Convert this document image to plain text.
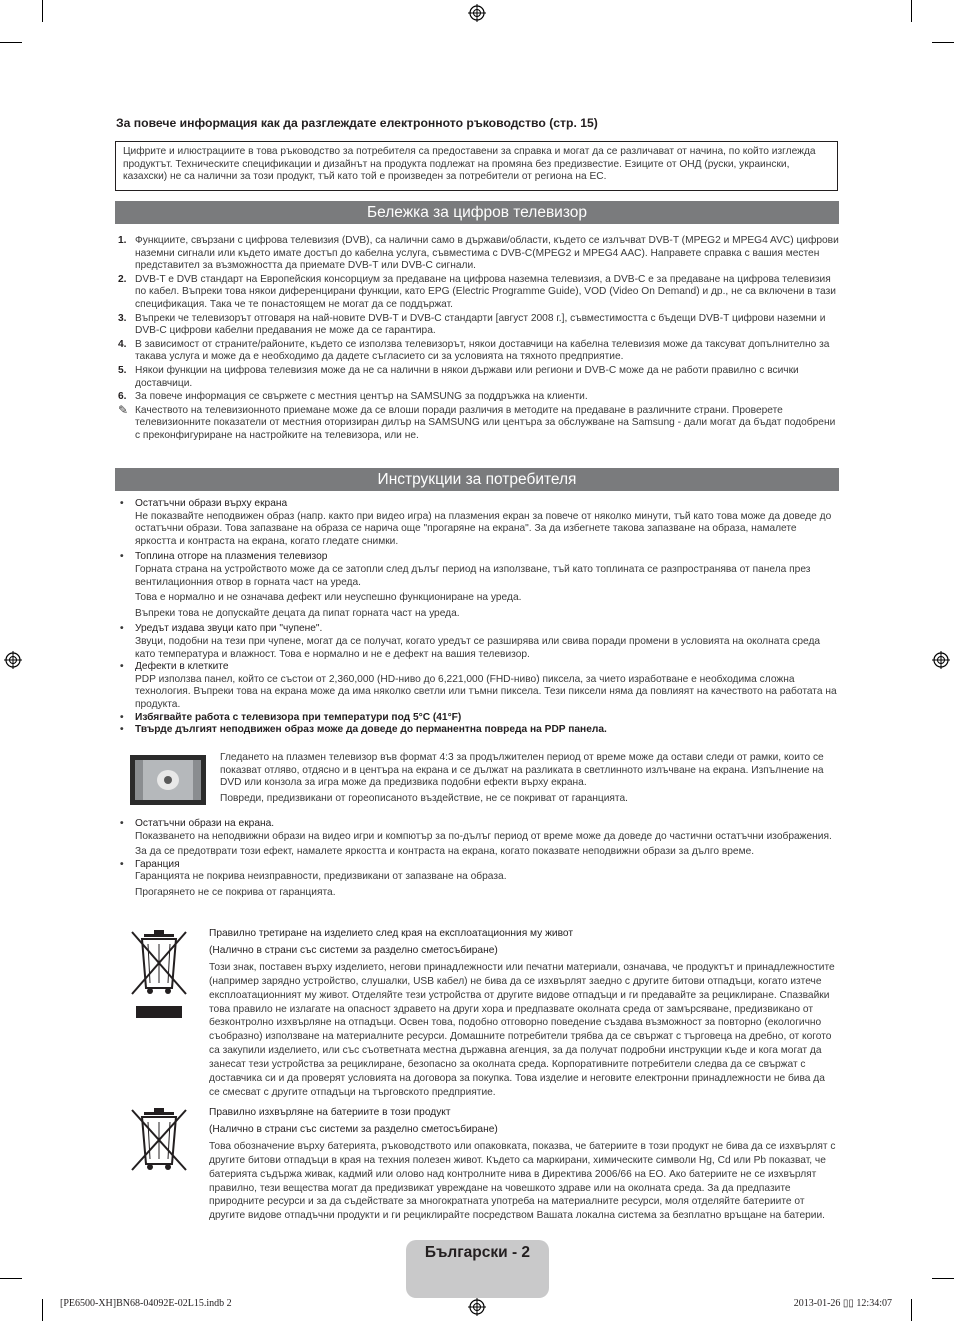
За повече информация как да разглеждате електронното ръководство (стр. 15)
Цифрите и илюстрациите в това ръководство за потребителя са предоставени за справка и могат да се различават от начина, по който изглежда продуктът. Техническите спецификации и дизайнът на продукта подлежат на промяна без предизвестие. Езиците от ОНД (руски, украински, казахски) не са налични за този продукт, тъй като той е произведен за потребители от региона на ЕС.
Бележка за цифров телевизор
1. Функциите, свързани с цифрова телевизия (DVB), са налични само в държави/области, където се излъчват DVB-T (MPEG2 и MPEG4 AVC) цифрови наземни сигнали или където имате достъп до кабелна услуга, съвместима с DVB-C(MPEG2 и MPEG4 AAC). Направете справка с вашия местен представител за възможността да приемате DVB-T или DVB-C сигнали.
2. DVB-T е DVB стандарт на Европейския консорциум за предаване на цифрова наземна телевизия, а DVB-C е за предаване на цифрова телевизия по кабел. Въпреки това някои диференцирани функции, като EPG (Electric Programme Guide), VOD (Video On Demand) и др., не са включени в тази спецификация. Така че те понастоящем не могат да се поддържат.
3. Въпреки че телевизорът отговаря на най-новите DVB-T и DVB-C стандарти [август 2008 г.], съвместимостта с бъдещи DVB-T цифрови наземни и DVB-C цифрови кабелни предавания не може да се гарантира.
4. В зависимост от страните/районите, където се използва телевизорът, някои доставчици на кабелна телевизия може да таксуват допълнително за такава услуга и може да е необходимо да дадете съгласието си за условията на тяхното предприятие.
5. Някои функции на цифрова телевизия може да не са налични в някои държави или региони и DVB-C може да не работи правилно с всички доставчици.
6. За повече информация се свържете с местния център на SAMSUNG за поддръжка на клиенти.
✎ Качеството на телевизионното приемане може да се влоши поради различия в методите на предаване в различните страни. Проверете телевизионните показатели от местния оторизиран дилър на SAMSUNG или центъра за обслужване на Samsung - дали могат да бъдат подобрени с преконфигуриране на настройките на телевизора, или не.
Инструкции за потребителя
• Остатъчни образи върху екрана

Не показвайте неподвижен образ (напр. както при видео игра) на плазмения екран за повече от няколко минути, тъй като това може да доведе до остатъчни образи. Това запазване на образа се нарича още "прогаряне на екрана". За да избегнете такова запазване на образа, намалете яркостта и контраста на екрана, когато гледате снимки.

• Топлина отгоре на плазмения телевизор

Горната страна на устройството може да се затопли след дълъг период на използване, тъй като топлината се разпространява от панела през вентилационния отвор в горната част на уреда.

Това е нормално и не означава дефект или неуспешно функциониране на уреда.

Въпреки това не допускайте децата да пипат горната част на уреда.

• Уредът издава звуци като при "чупене".

Звуци, подобни на тези при чупене, могат да се получат, когато уредът се разширява или свива поради промени в условията на околната среда като температура и влажност. Това е нормално и не е дефект на вашия телевизор.

• Дефекти в клетките

PDP използва панел, който се състои от 2,360,000 (HD-ниво до 6,221,000 (FHD-ниво) пиксела, за чието изработване е необходима сложна технология. Въпреки това на екрана може да има няколко светли или тъмни пиксела. Тези пиксели няма да повлияят на качеството на работата на продукта.

• Избягвайте работа с телевизора при температури под 5°C (41°F)

• Твърде дългият неподвижен образ може да доведе до перманентна повреда на PDP панела.

Гледането на плазмен телевизор във формат 4:3 за продължителен период от време може да остави следи от рамки, които се показват отляво, отдясно и в центъра на екрана и се дължат на разликата в светлинното излъчване на екрана. Изпълнение на DVD или конзола за игра може да предизвика подобни ефекти върху екрана.

Повреди, предизвикани от гореописаното въздействие, не се покриват от гаранцията.

• Остатъчни образи на екрана.

Показването на неподвижни образи на видео игри и компютър за по-дълъг период от време може да доведе до частични остатъчни изображения.

За да се предотврати този ефект, намалете яркостта и контраста на екрана, когато показвате неподвижни образи за дълго време.

• Гаранция

Гаранцията не покрива неизправности, предизвикани от запазване на образа.

Прогарянето не се покрива от гаранцията.

Правилно третиране на изделието след края на експлоатационния му живот

(Налично в страни със системи за разделно сметосъбиране)

Този знак, поставен върху изделието, негови принадлежности или печатни материали, означава, че продуктът и принадлежностите (например зарядно устройство, слушалки, USB кабел) не бива да се изхвърлят заедно с другите битови отпадъци, когато изтече експлоатационният му живот. Отделяйте тези устройства от другите видове отпадъци и ги предавайте за рециклиране. Спазвайки това правило не излагате на опасност здравето на други хора и предпазвате околната среда от замърсяване, предизвикано от безконтролно изхвърляне на отпадъци. Освен това, подобно отговорно поведение създава възможност за повторно (екологично съобразно) използване на материалните ресурси. Домашните потребители трябва да се свържат с търговеца на дребно, от когото са закупили изделието, или със съответната местна държавна агенция, за да получат подробни инструкции къде и кога могат да занесат тези устройства за рециклиране, безопасно за околната среда. Корпоративните потребители следва да се свържат с доставчика си и да проверят условията на договора за покупка. Това изделие и неговите електронни принадлежности не бива да се смесват с другите отпадъци на търговското предприятие.

Правилно изхвърляне на батериите в този продукт

(Налично в страни със системи за разделно сметосъбиране)

Това обозначение върху батерията, ръководството или опаковката, показва, че батериите в този продукт не бива да се изхвърлят с другите битови отпадъци в края на техния полезен живот. Където са маркирани, химическите символи Hg, Cd или Pb показват, че батерията съдържа живак, кадмий или олово над контролните нива в Директива 2006/66 на ЕО. Ако батериите не се изхвърлят правилно, тези вещества могат да предизвикат увреждане на човешкото здраве или на околната среда. За да предпазите природните ресурси и за да съдействате за многократната употреба на материалните ресурси, моля отделяйте батериите от другите видове отпадъчни продукти и ги рециклирайте посредством Вашата локална система за безплатно връщане на батерии.

Български - 2
[PE6500-XH]BN68-04092E-02L15.indb 2	2013-01-26 ▯▯ 12:34:07
